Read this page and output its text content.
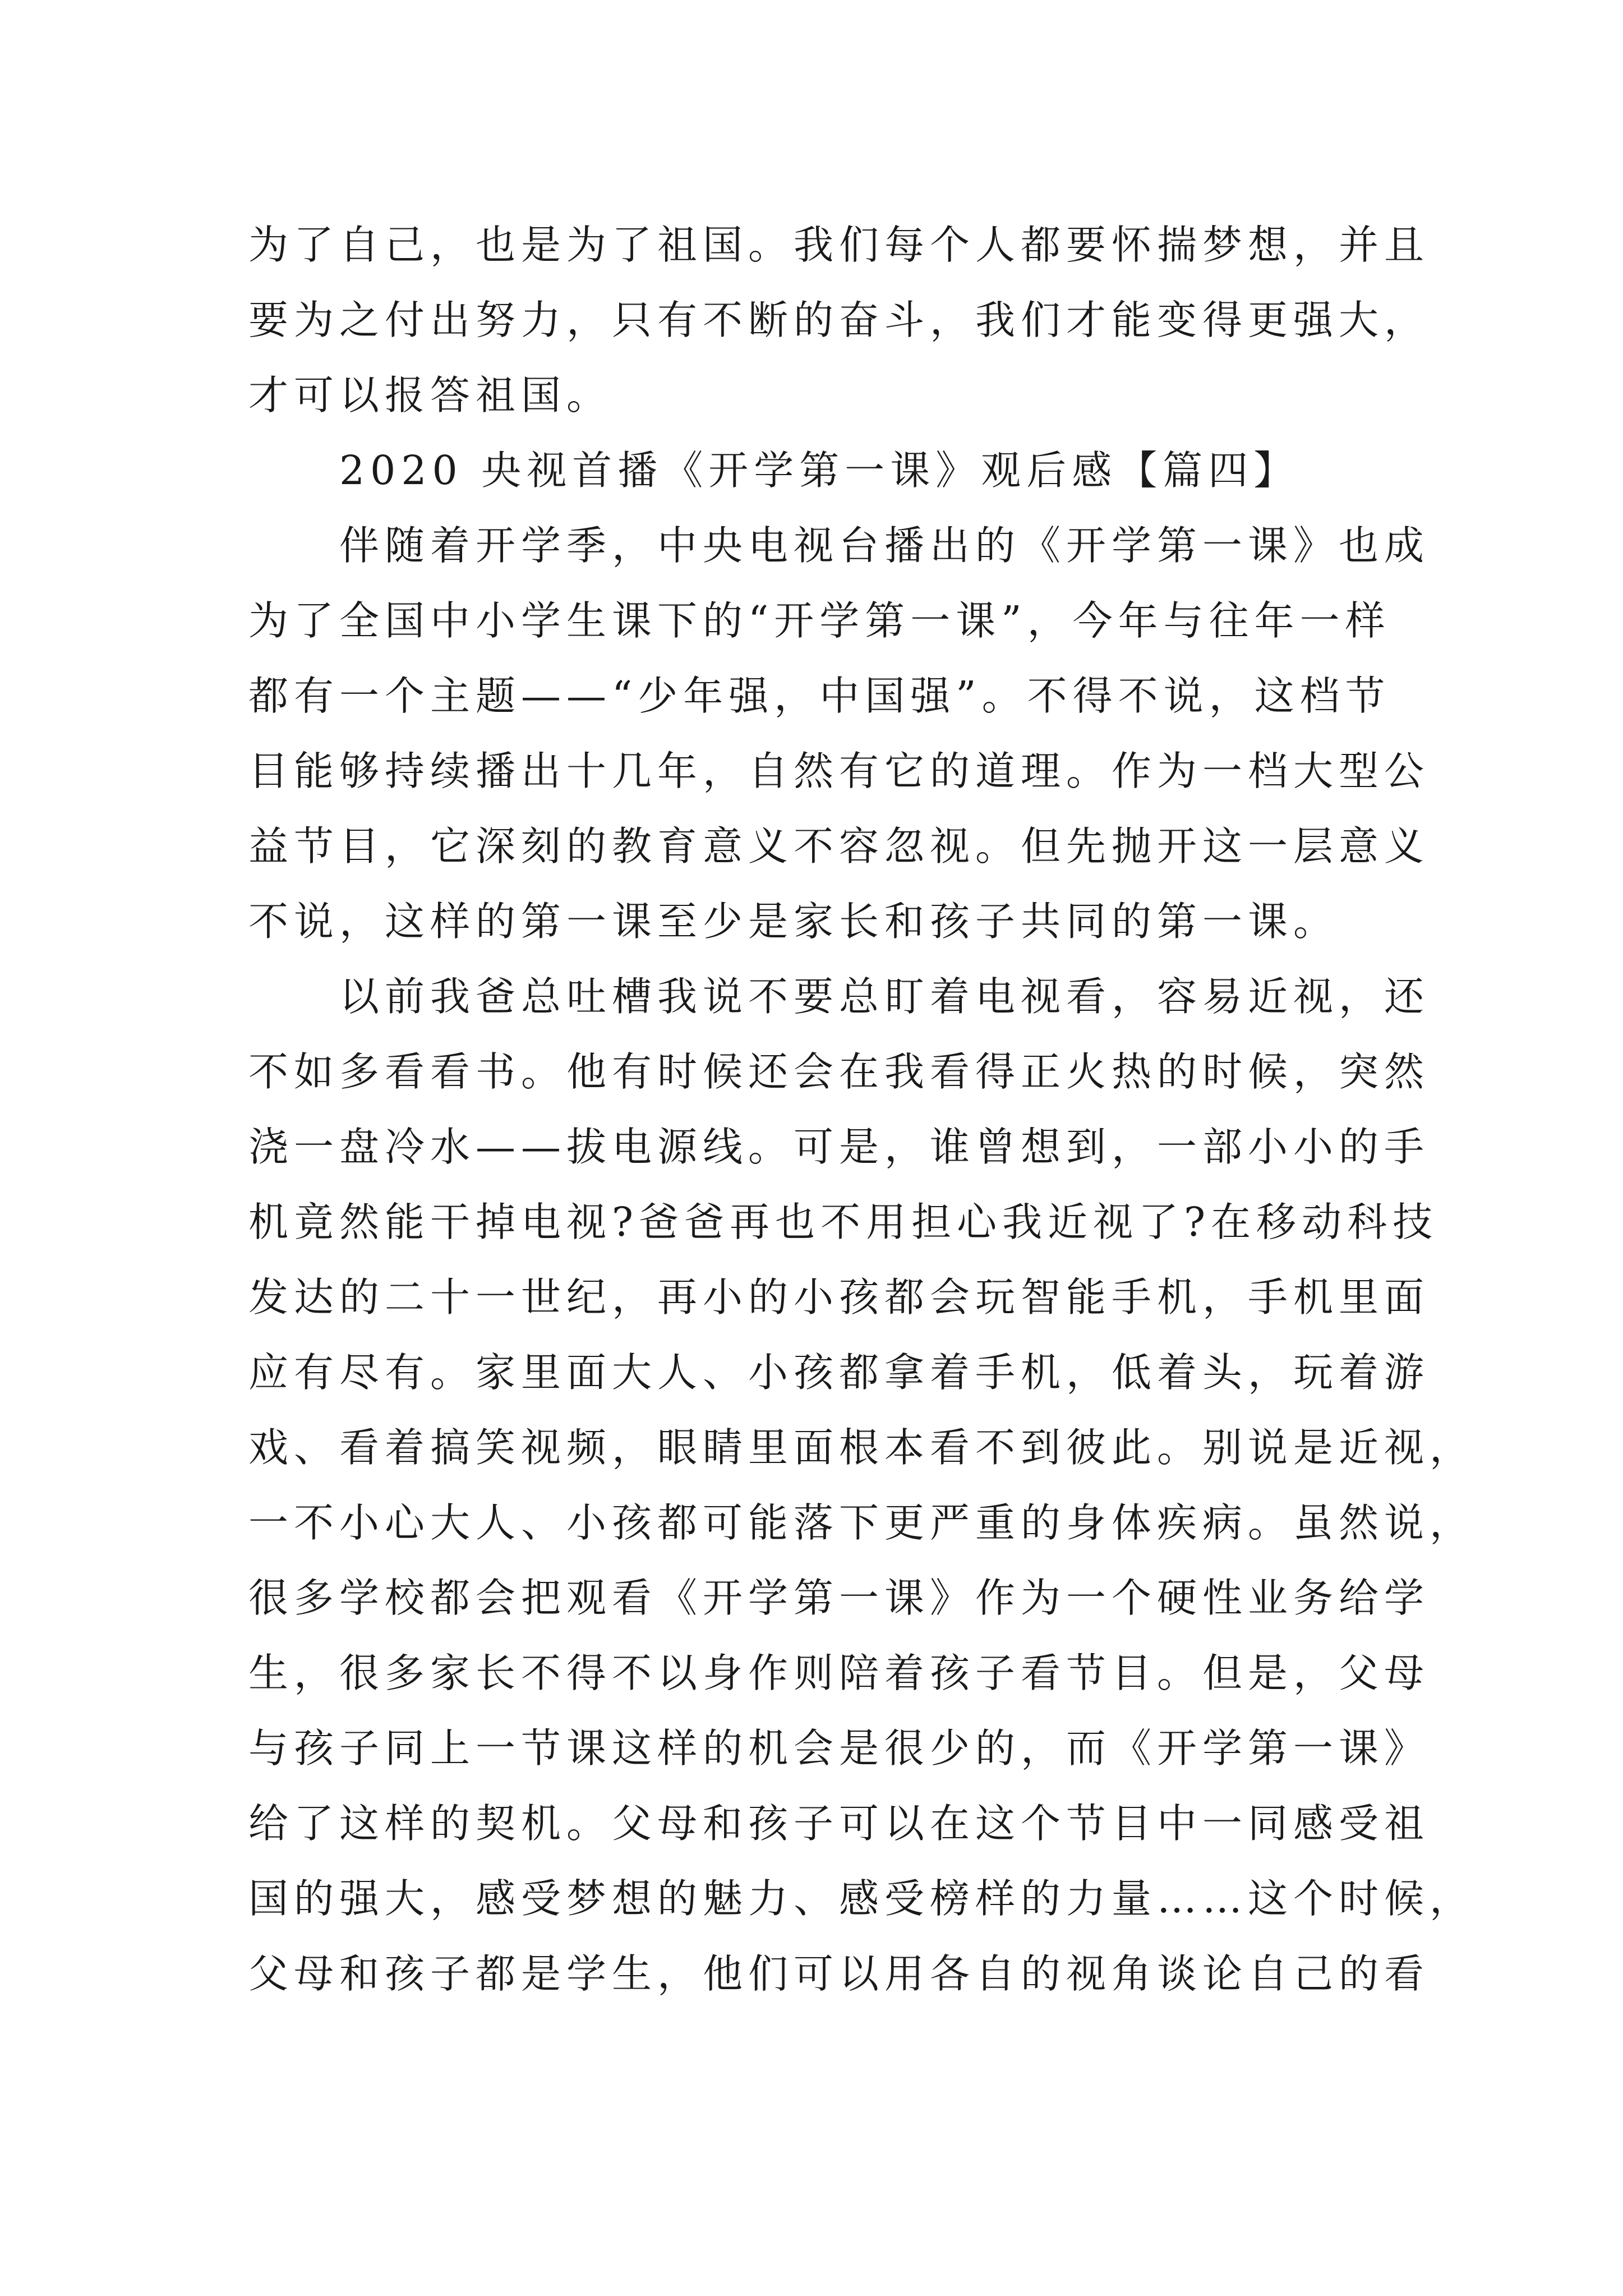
为了自己，也是为了祖国。我们每个人都要怀揣梦想，并且
要为之付出努力，只有不断的奋斗，我们才能变得更强大，
才可以报答祖国。
2020 央视首播《开学第一课》观后感【篇四】
伴随着开学季，中央电视台播出的《开学第一课》也成
为了全国中小学生课下的“开学第一课”，今年与往年一样
都有一个主题——“少年强，中国强”。不得不说，这档节
目能够持续播出十几年，自然有它的道理。作为一档大型公
益节目，它深刻的教育意义不容忽视。但先抛开这一层意义
不说，这样的第一课至少是家长和孩子共同的第一课。
以前我爸总吐槽我说不要总盯着电视看，容易近视，还
不如多看看书。他有时候还会在我看得正火热的时候，突然
浇一盘冷水——拔电源线。可是，谁曾想到，一部小小的手
机竟然能干掉电视?爸爸再也不用担心我近视了?在移动科技
发达的二十一世纪，再小的小孩都会玩智能手机，手机里面
应有尽有。家里面大人、小孩都拿着手机，低着头，玩着游
戏、看着搞笑视频，眼睛里面根本看不到彼此。别说是近视，
一不小心大人、小孩都可能落下更严重的身体疾病。虽然说，
很多学校都会把观看《开学第一课》作为一个硬性业务给学
生，很多家长不得不以身作则陪着孩子看节目。但是，父母
与孩子同上一节课这样的机会是很少的，而《开学第一课》
给了这样的契机。父母和孩子可以在这个节目中一同感受祖
国的强大，感受梦想的魅力、感受榜样的力量……这个时候，
父母和孩子都是学生，他们可以用各自的视角谈论自己的看
